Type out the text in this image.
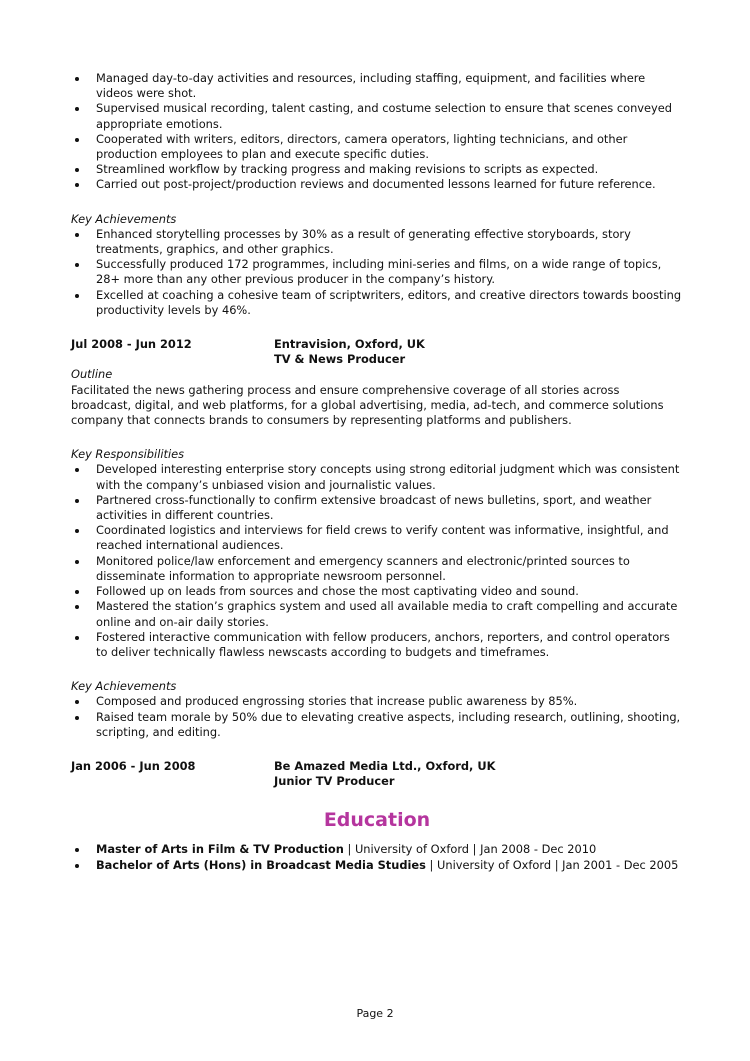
Managed day-to-day activities and resources, including staffing, equipment, and facilities where videos were shot.
Supervised musical recording, talent casting, and costume selection to ensure that scenes conveyed appropriate emotions.
Cooperated with writers, editors, directors, camera operators, lighting technicians, and other production employees to plan and execute specific duties.
Streamlined workflow by tracking progress and making revisions to scripts as expected.
Carried out post-project/production reviews and documented lessons learned for future reference.
Key Achievements
Enhanced storytelling processes by 30% as a result of generating effective storyboards, story treatments, graphics, and other graphics.
Successfully produced 172 programmes, including mini-series and films, on a wide range of topics, 28+ more than any other previous producer in the company’s history.
Excelled at coaching a cohesive team of scriptwriters, editors, and creative directors towards boosting productivity levels by 46%.
Jul 2008 - Jun 2012	Entravision, Oxford, UK
TV & News Producer
Outline

Facilitated the news gathering process and ensure comprehensive coverage of all stories across broadcast, digital, and web platforms, for a global advertising, media, ad-tech, and commerce solutions company that connects brands to consumers by representing platforms and publishers.

Key Responsibilities
Developed interesting enterprise story concepts using strong editorial judgment which was consistent with the company’s unbiased vision and journalistic values.
Partnered cross-functionally to confirm extensive broadcast of news bulletins, sport, and weather activities in different countries.
Coordinated logistics and interviews for field crews to verify content was informative, insightful, and reached international audiences.
Monitored police/law enforcement and emergency scanners and electronic/printed sources to disseminate information to appropriate newsroom personnel.
Followed up on leads from sources and chose the most captivating video and sound.
Mastered the station’s graphics system and used all available media to craft compelling and accurate online and on-air daily stories.
Fostered interactive communication with fellow producers, anchors, reporters, and control operators to deliver technically flawless newscasts according to budgets and timeframes.
Key Achievements
Composed and produced engrossing stories that increase public awareness by 85%.
Raised team morale by 50% due to elevating creative aspects, including research, outlining, shooting, scripting, and editing.
Jan 2006 - Jun 2008	Be Amazed Media Ltd., Oxford, UK
Junior TV Producer
Education
Master of Arts in Film & TV Production | University of Oxford | Jan 2008 - Dec 2010
Bachelor of Arts (Hons) in Broadcast Media Studies | University of Oxford | Jan 2001 - Dec 2005
Page 2
